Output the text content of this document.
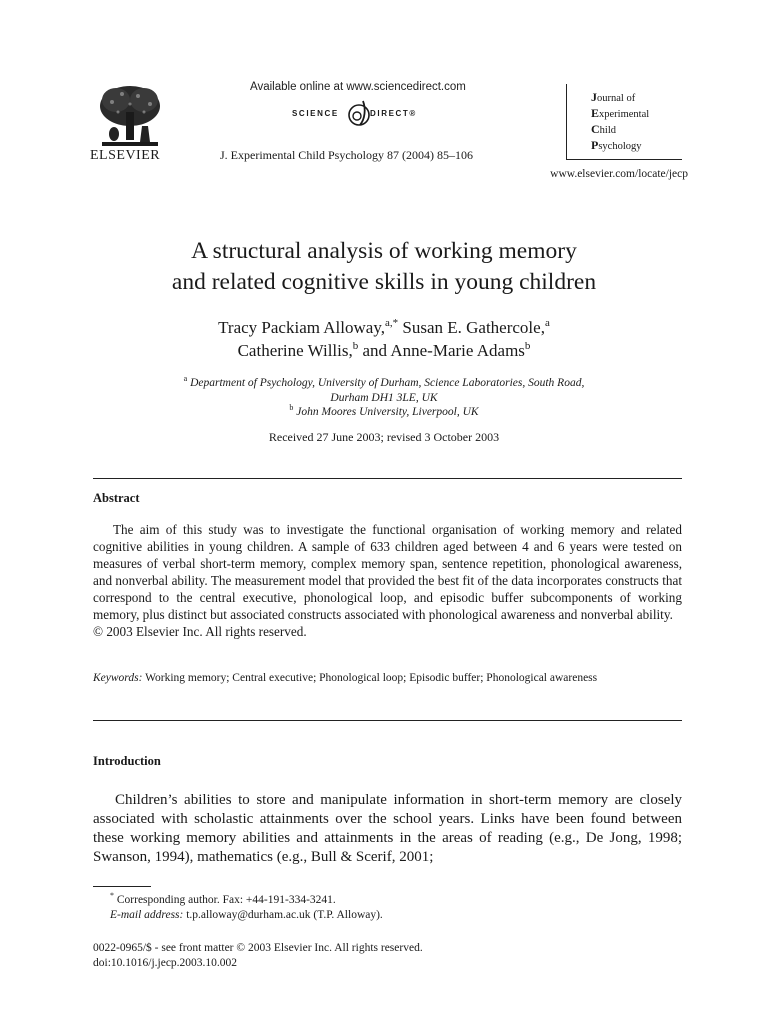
ELSEVIER
Available online at www.sciencedirect.com
SCIENCE	DIRECT®
J. Experimental Child Psychology 87 (2004) 85–106
Journal of
Experimental
Child
Psychology
www.elsevier.com/locate/jecp
A structural analysis of working memory
and related cognitive skills in young children
Tracy Packiam Alloway,$^{a,*}$ Susan E. Gathercole,$^a$
Catherine Willis,$^b$ and Anne-Marie Adams$^b$
$^a$ Department of Psychology, University of Durham, Science Laboratories, South Road,
Durham DH1 3LE, UK
$^b$ John Moores University, Liverpool, UK
Received 27 June 2003; revised 3 October 2003
Abstract
The aim of this study was to investigate the functional organisation of working memory and related cognitive abilities in young children. A sample of 633 children aged between 4 and 6 years were tested on measures of verbal short-term memory, complex memory span, sentence repetition, phonological awareness, and nonverbal ability. The measurement model that provided the best fit of the data incorporates constructs that correspond to the central executive, phonological loop, and episodic buffer subcomponents of working memory, plus distinct but associated constructs associated with phonological awareness and nonverbal ability.
© 2003 Elsevier Inc. All rights reserved.
Keywords: Working memory; Central executive; Phonological loop; Episodic buffer; Phonological awareness
Introduction
Children’s abilities to store and manipulate information in short-term memory are closely associated with scholastic attainments over the school years. Links have been found between these working memory abilities and attainments in the areas of reading (e.g., De Jong, 1998; Swanson, 1994), mathematics (e.g., Bull & Scerif, 2001;
* Corresponding author. Fax: +44-191-334-3241.
E-mail address: t.p.alloway@durham.ac.uk (T.P. Alloway).
0022-0965/$ - see front matter © 2003 Elsevier Inc. All rights reserved.
doi:10.1016/j.jecp.2003.10.002
